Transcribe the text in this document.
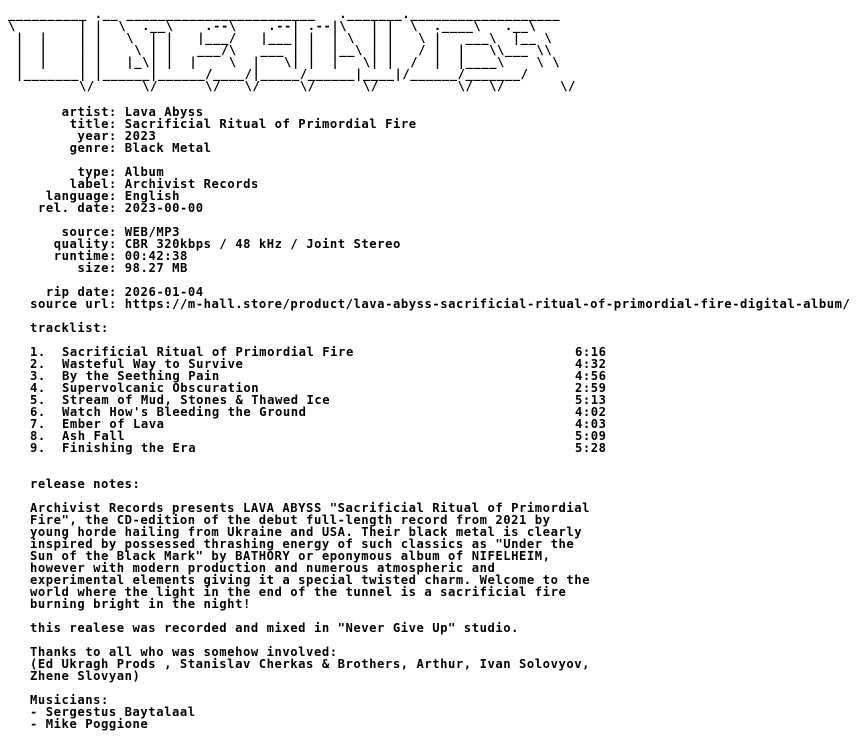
__________ .__ ________________________   ._______.___________________
\        | |  \  .__\    .--\    .--| .--|\   | |  \  .____\   .__\
|  |    | |   \  | |   |___/   |___| |  | \  | |   \ |   ___\  |__ \
|  |    | |    \ | |   ___/\   ___ | |  |__\ | |   / |  |   \\___ \\
|  |    | |   |_\| |  |    \  |   \| |  |   \| |  /  |  |____\    \ \
|_______| |______|______/____/|_____/______|____|/______/_______/
\/      \/      \/   \/     \/      \/          \/  \/       \/
artist: Lava Abyss
title: Sacrificial Ritual of Primordial Fire
year: 2023
genre: Black Metal
type: Album
label: Archivist Records
language: English
rel. date: 2023-00-00
source: WEB/MP3
quality: CBR 320kbps / 48 kHz / Joint Stereo
runtime: 00:42:38
size: 98.27 MB
rip date: 2026-01-04
source url: https://m-hall.store/product/lava-abyss-sacrificial-ritual-of-primordial-fire-digital-album/
tracklist:
1. Sacrificial Ritual of Primordial Fire	6:16
2. Wasteful Way to Survive	4:32
3. By the Seething Pain	4:56
4. Supervolcanic Obscuration	2:59
5. Stream of Mud, Stones & Thawed Ice	5:13
6. Watch How's Bleeding the Ground	4:02
7. Ember of Lava	4:03
8. Ash Fall	5:09
9. Finishing the Era	5:28
release notes:
Archivist Records presents LAVA ABYSS "Sacrificial Ritual of Primordial
Fire", the CD-edition of the debut full-length record from 2021 by
young horde hailing from Ukraine and USA. Their black metal is clearly
inspired by possessed thrashing energy of such classics as "Under the
Sun of the Black Mark" by BATHORY or eponymous album of NIFELHEIM,
however with modern production and numerous atmospheric and
experimental elements giving it a special twisted charm. Welcome to the
world where the light in the end of the tunnel is a sacrificial fire
burning bright in the night!
this realese was recorded and mixed in "Never Give Up" studio.
Thanks to all who was somehow involved:
(Ed Ukragh Prods , Stanislav Cherkas & Brothers, Arthur, Ivan Solovyov,
Zhene Slovyan)
Musicians:
- Sergestus Baytalaal
- Mike Poggione
